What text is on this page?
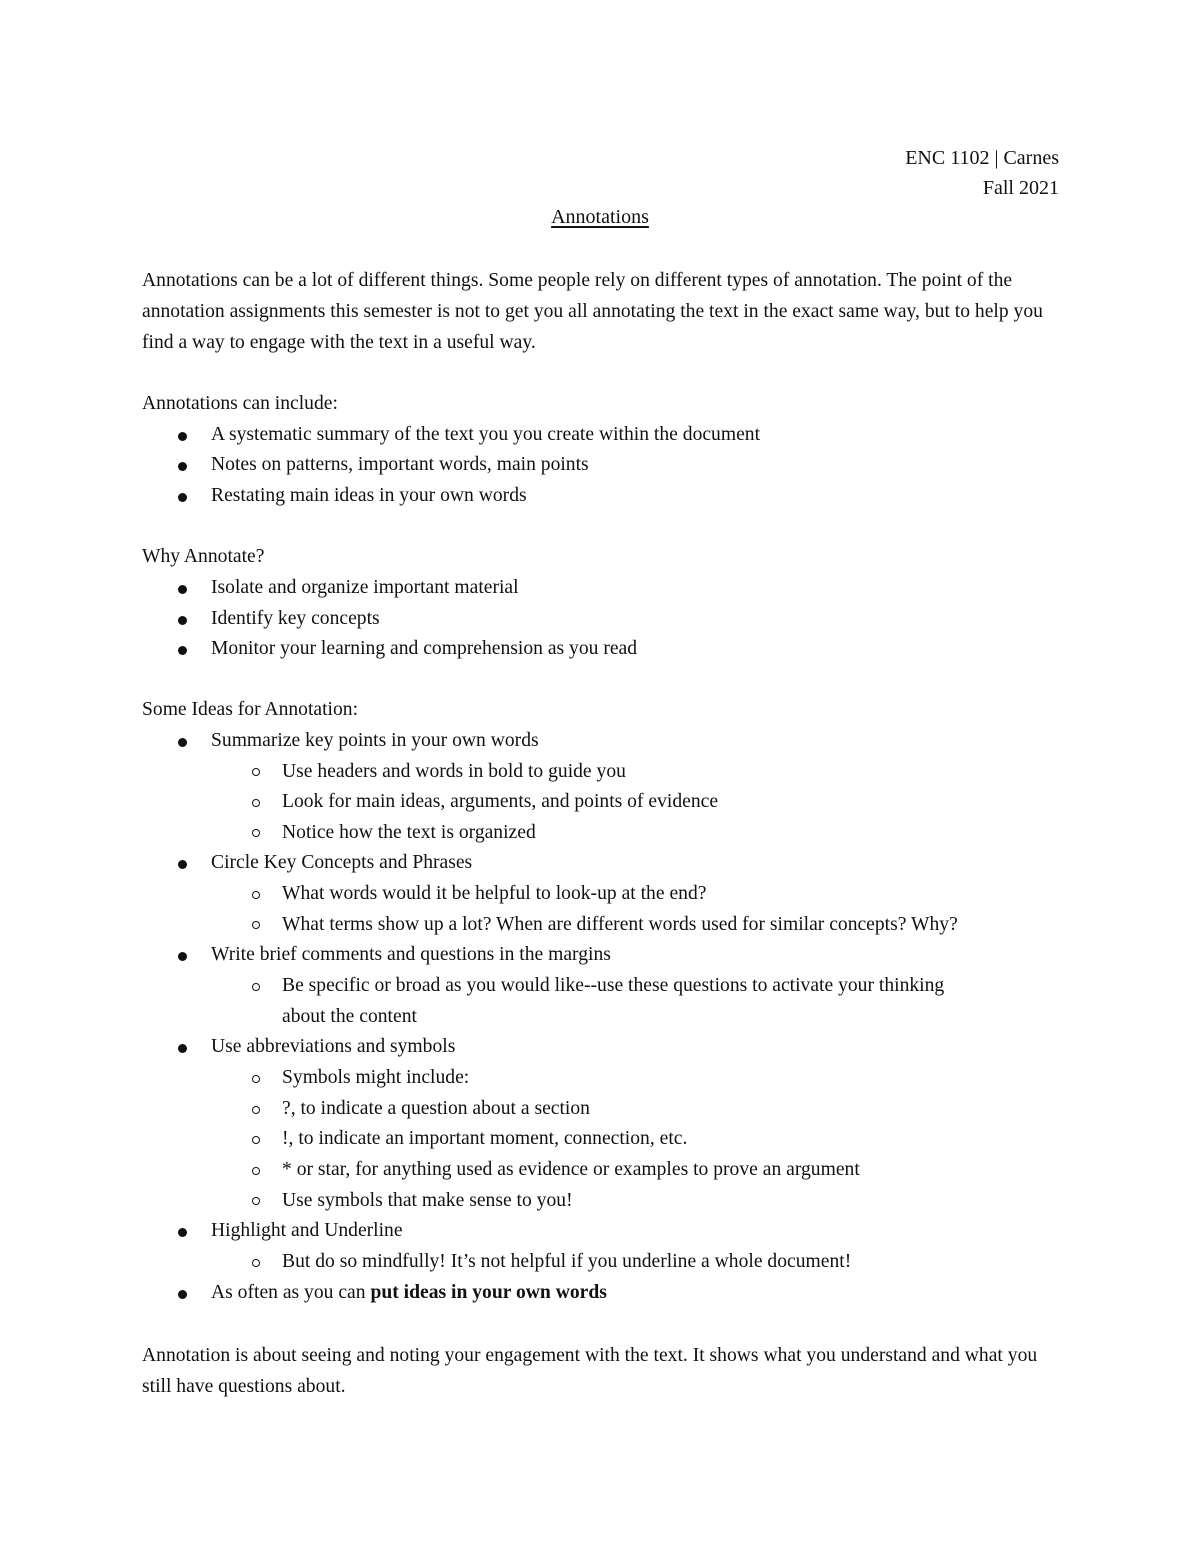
ENC 1102 | Carnes
Fall 2021
Annotations
Annotations can be a lot of different things. Some people rely on different types of annotation. The point of the annotation assignments this semester is not to get you all annotating the text in the exact same way, but to help you find a way to engage with the text in a useful way.
Annotations can include:
A systematic summary of the text you you create within the document
Notes on patterns, important words, main points
Restating main ideas in your own words
Why Annotate?
Isolate and organize important material
Identify key concepts
Monitor your learning and comprehension as you read
Some Ideas for Annotation:
Summarize key points in your own words
Use headers and words in bold to guide you
Look for main ideas, arguments, and points of evidence
Notice how the text is organized
Circle Key Concepts and Phrases
What words would it be helpful to look-up at the end?
What terms show up a lot? When are different words used for similar concepts? Why?
Write brief comments and questions in the margins
Be specific or broad as you would like--use these questions to activate your thinking
about the content
Use abbreviations and symbols
Symbols might include:
?, to indicate a question about a section
!, to indicate an important moment, connection, etc.
* or star, for anything used as evidence or examples to prove an argument
Use symbols that make sense to you!
Highlight and Underline
But do so mindfully! It’s not helpful if you underline a whole document!
As often as you can put ideas in your own words
Annotation is about seeing and noting your engagement with the text. It shows what you understand and what you still have questions about.
